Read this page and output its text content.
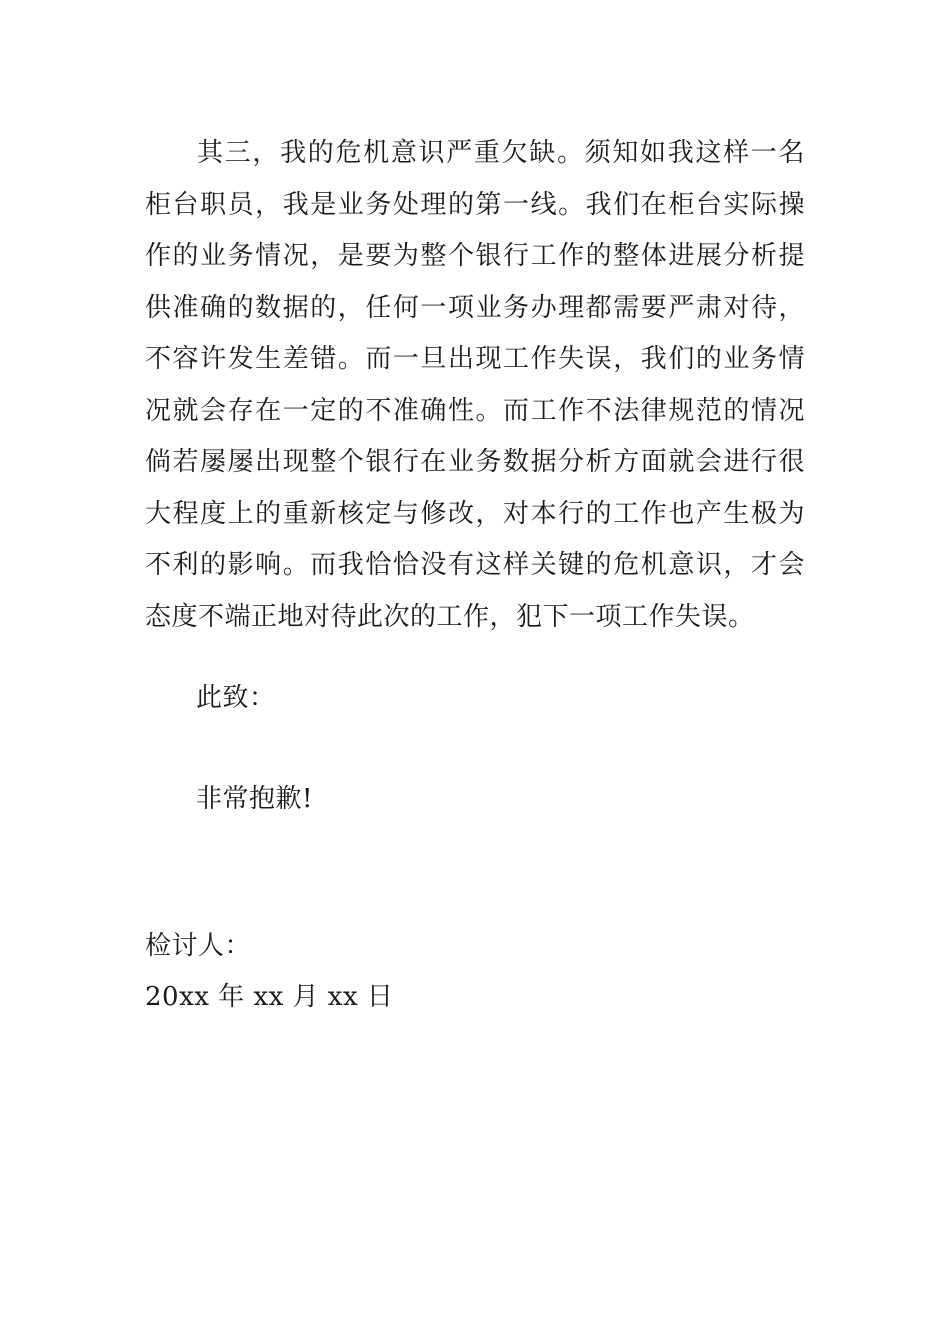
其三，我的危机意识严重欠缺。须知如我这样一名柜台职员，我是业务处理的第一线。我们在柜台实际操作的业务情况，是要为整个银行工作的整体进展分析提供准确的数据的，任何一项业务办理都需要严肃对待，不容许发生差错。而一旦出现工作失误，我们的业务情况就会存在一定的不准确性。而工作不法律规范的情况倘若屡屡出现整个银行在业务数据分析方面就会进行很大程度上的重新核定与修改，对本行的工作也产生极为不利的影响。而我恰恰没有这样关键的危机意识，才会态度不端正地对待此次的工作，犯下一项工作失误。

此致：

非常抱歉!

检讨人：

20xx 年 xx 月 xx 日
